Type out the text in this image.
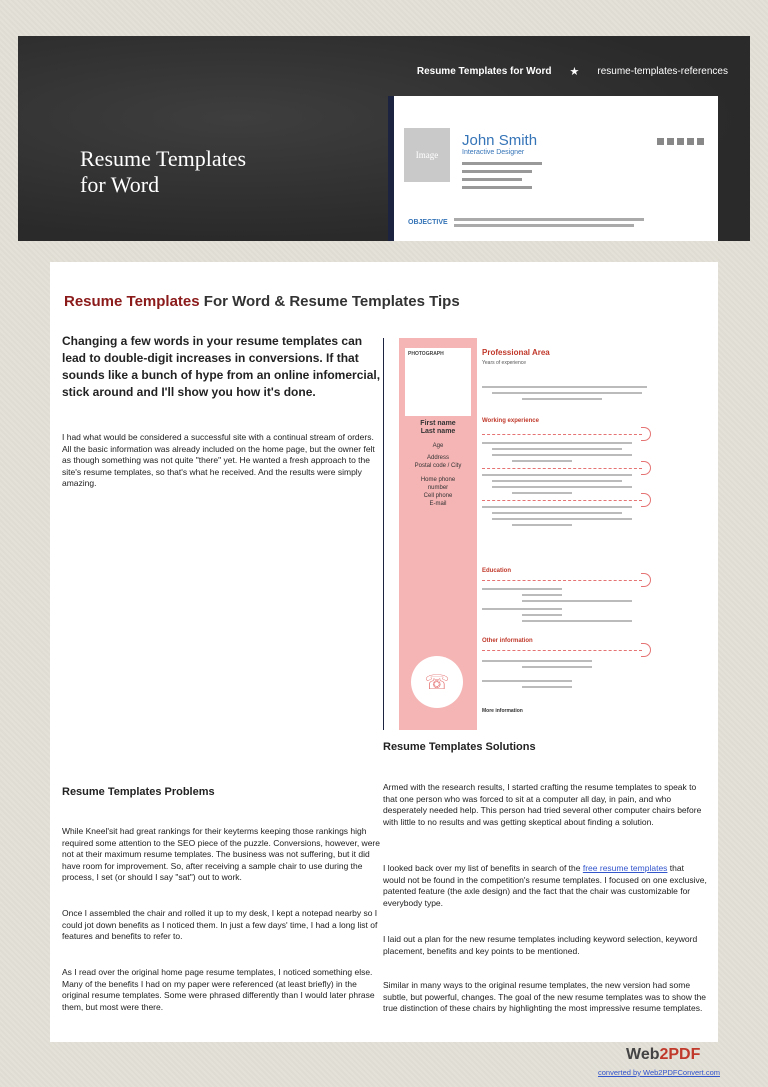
Resume Templates for Word ★ resume-templates-references
Resume Templates
for Word
Image
John Smith
Interactive Designer
OBJECTIVE
Resume Templates For Word & Resume Templates Tips
Changing a few words in your resume templates can lead to double-digit increases in conversions. If that sounds like a bunch of hype from an online infomercial, stick around and I'll show you how it's done.
I had what would be considered a successful site with a continual stream of orders. All the basic information was already included on the home page, but the owner felt as though something was not quite "there" yet. He wanted a fresh approach to the site's resume templates, so that's what he received. And the results were simply amazing.
PHOTOGRAPH
First name
Last name
Age
Address
Postal code / City
Home phone
number
Cell phone
E-mail
☏
Professional Area
Years of experience
Working experience
Education
Other information
More information
Resume Templates Solutions
Resume Templates Problems
While Kneel'sit had great rankings for their keyterms keeping those rankings high required some attention to the SEO piece of the puzzle. Conversions, however, were not at their maximum resume templates. The business was not suffering, but it did have room for improvement. So, after receiving a sample chair to use during the process, I set (or should I say "sat") out to work.
Once I assembled the chair and rolled it up to my desk, I kept a notepad nearby so I could jot down benefits as I noticed them. In just a few days' time, I had a long list of features and benefits to refer to.
As I read over the original home page resume templates, I noticed something else. Many of the benefits I had on my paper were referenced (at least briefly) in the original resume templates. Some were phrased differently than I would later phrase them, but most were there.
Armed with the research results, I started crafting the resume templates to speak to that one person who was forced to sit at a computer all day, in pain, and who desperately needed help. This person had tried several other computer chairs before with little to no results and was getting skeptical about finding a solution.
I looked back over my list of benefits in search of the free resume templates that would not be found in the competition's resume templates. I focused on one exclusive, patented feature (the axle design) and the fact that the chair was customizable for everybody type.
I laid out a plan for the new resume templates including keyword selection, keyword placement, benefits and key points to be mentioned.
Similar in many ways to the original resume templates, the new version had some subtle, but powerful, changes. The goal of the new resume templates was to show the true distinction of these chairs by highlighting the most impressive resume templates.
Web2PDF
converted by Web2PDFConvert.com
